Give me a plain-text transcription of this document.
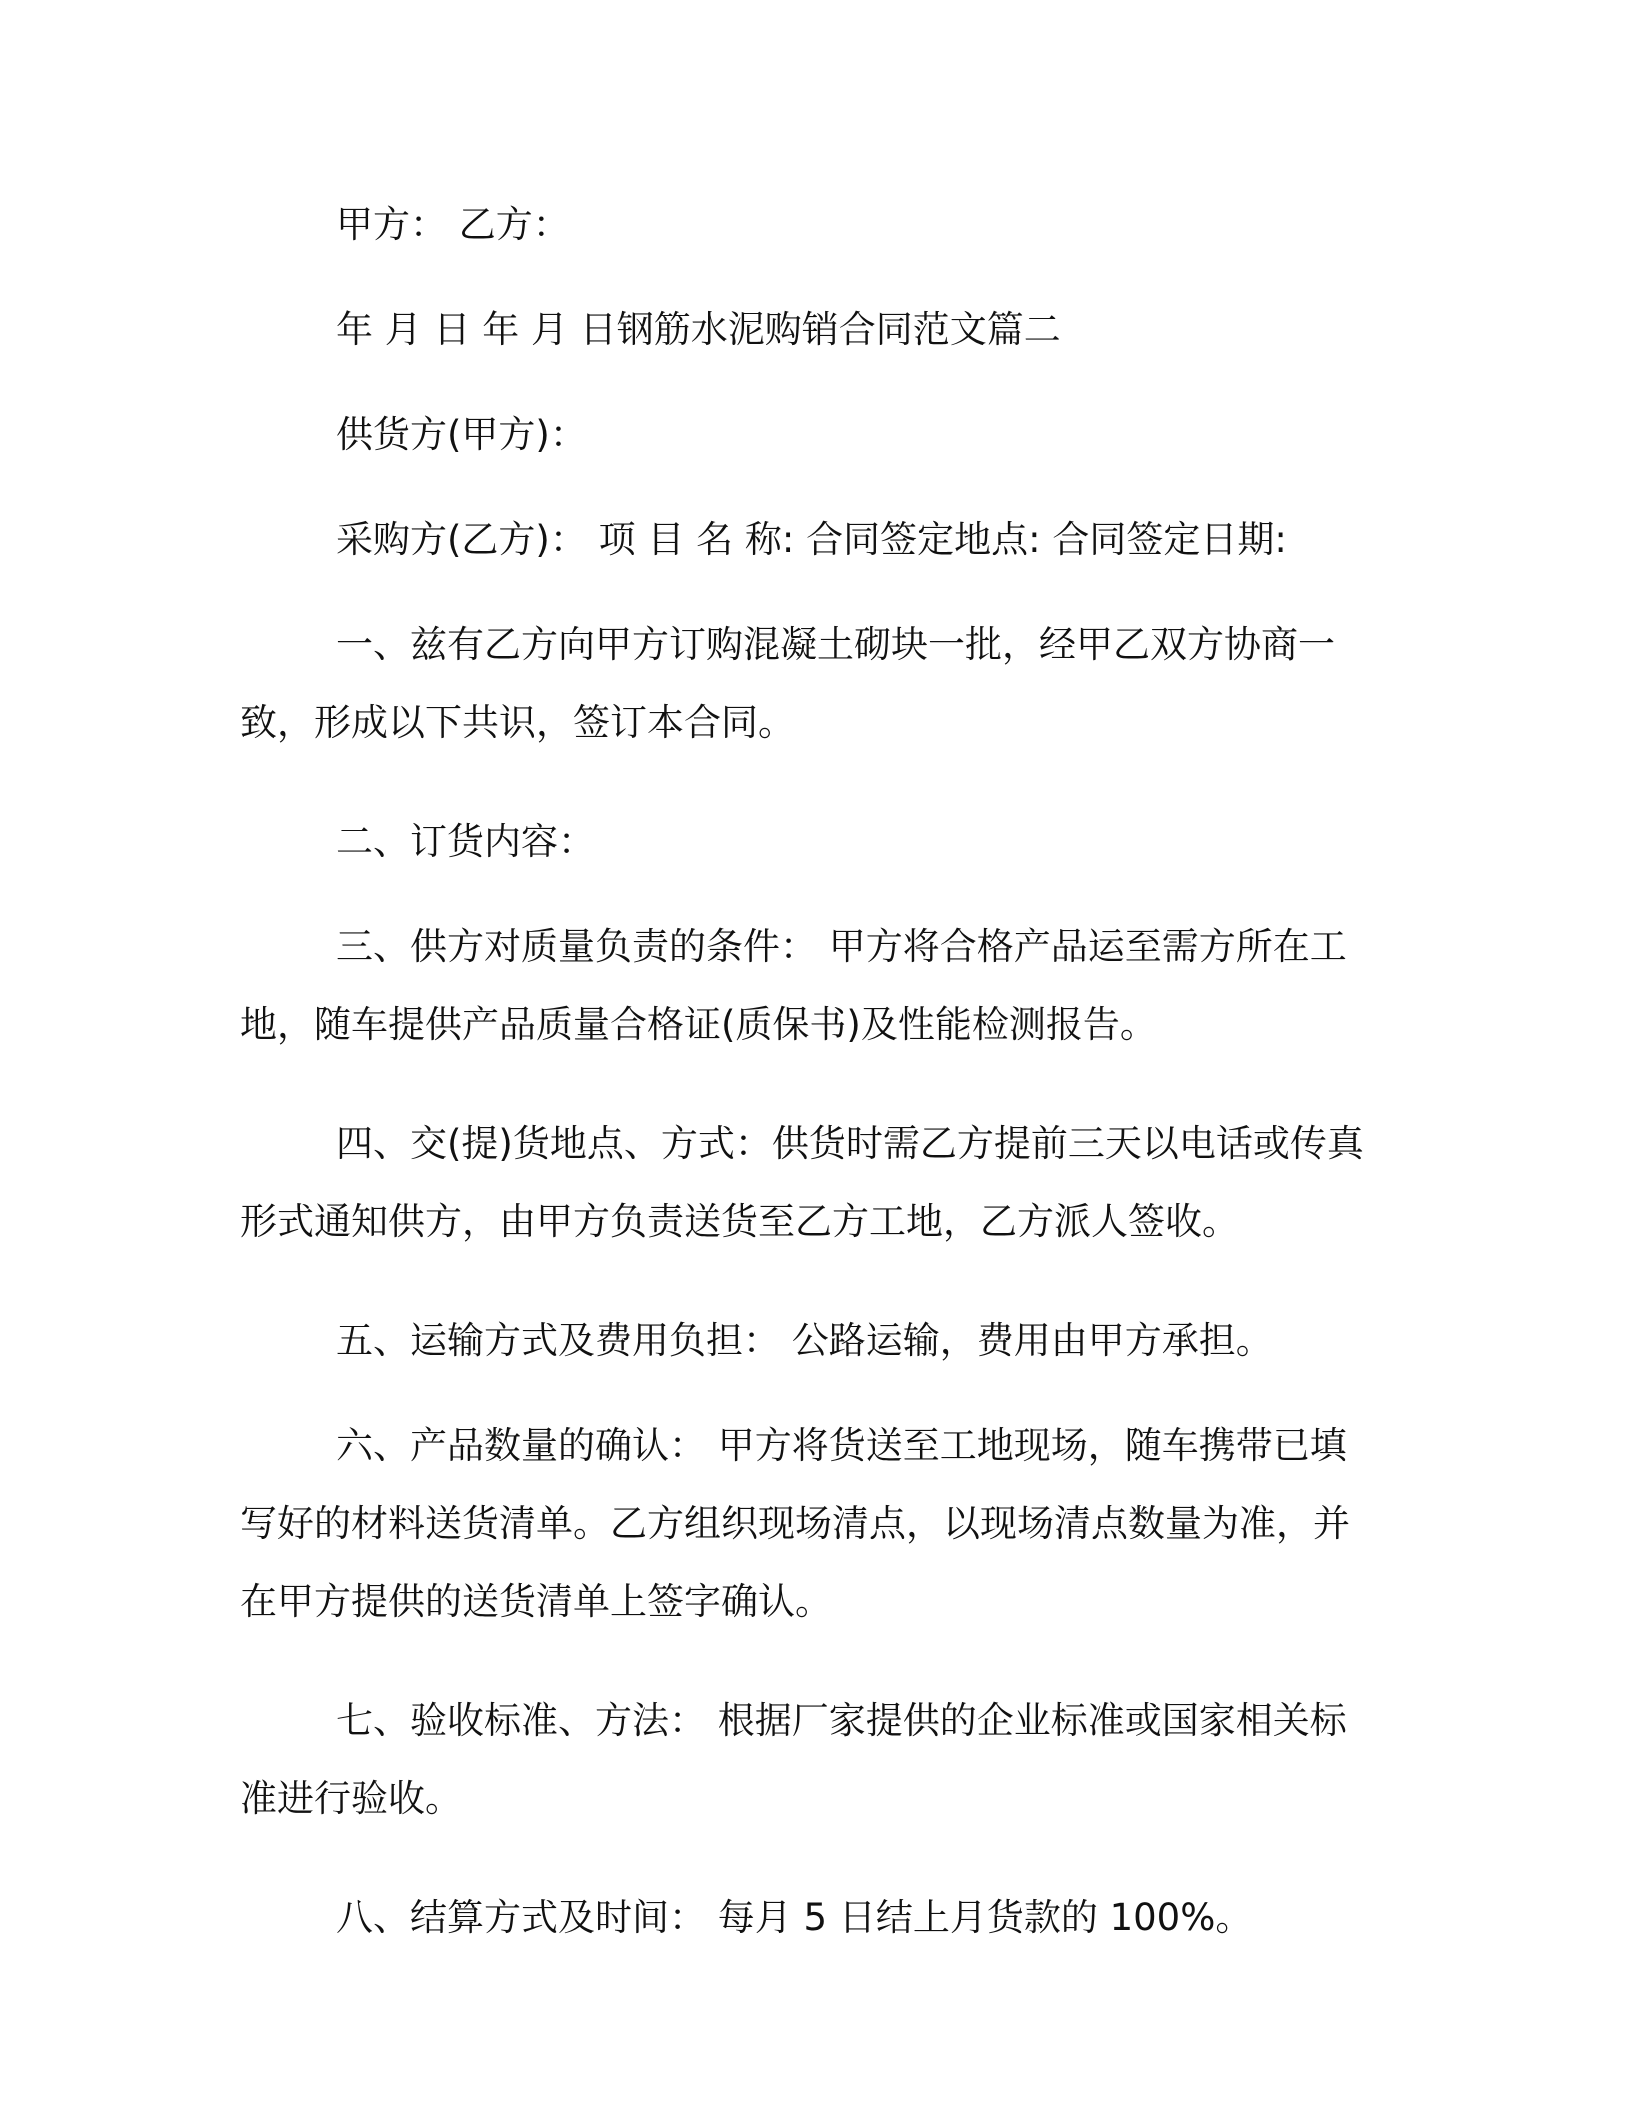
甲方： 乙方：

年 月 日 年 月 日钢筋水泥购销合同范文篇二

供货方(甲方)：

采购方(乙方)： 项 目 名 称: 合同签定地点: 合同签定日期:

一、兹有乙方向甲方订购混凝土砌块一批，经甲乙双方协商一致，形成以下共识，签订本合同。

二、订货内容：

三、供方对质量负责的条件： 甲方将合格产品运至需方所在工地，随车提供产品质量合格证(质保书)及性能检测报告。

四、交(提)货地点、方式：供货时需乙方提前三天以电话或传真形式通知供方，由甲方负责送货至乙方工地，乙方派人签收。

五、运输方式及费用负担： 公路运输，费用由甲方承担。

六、产品数量的确认： 甲方将货送至工地现场，随车携带已填写好的材料送货清单。乙方组织现场清点，以现场清点数量为准，并在甲方提供的送货清单上签字确认。

七、验收标准、方法： 根据厂家提供的企业标准或国家相关标准进行验收。

八、结算方式及时间： 每月 5 日结上月货款的 100%。
